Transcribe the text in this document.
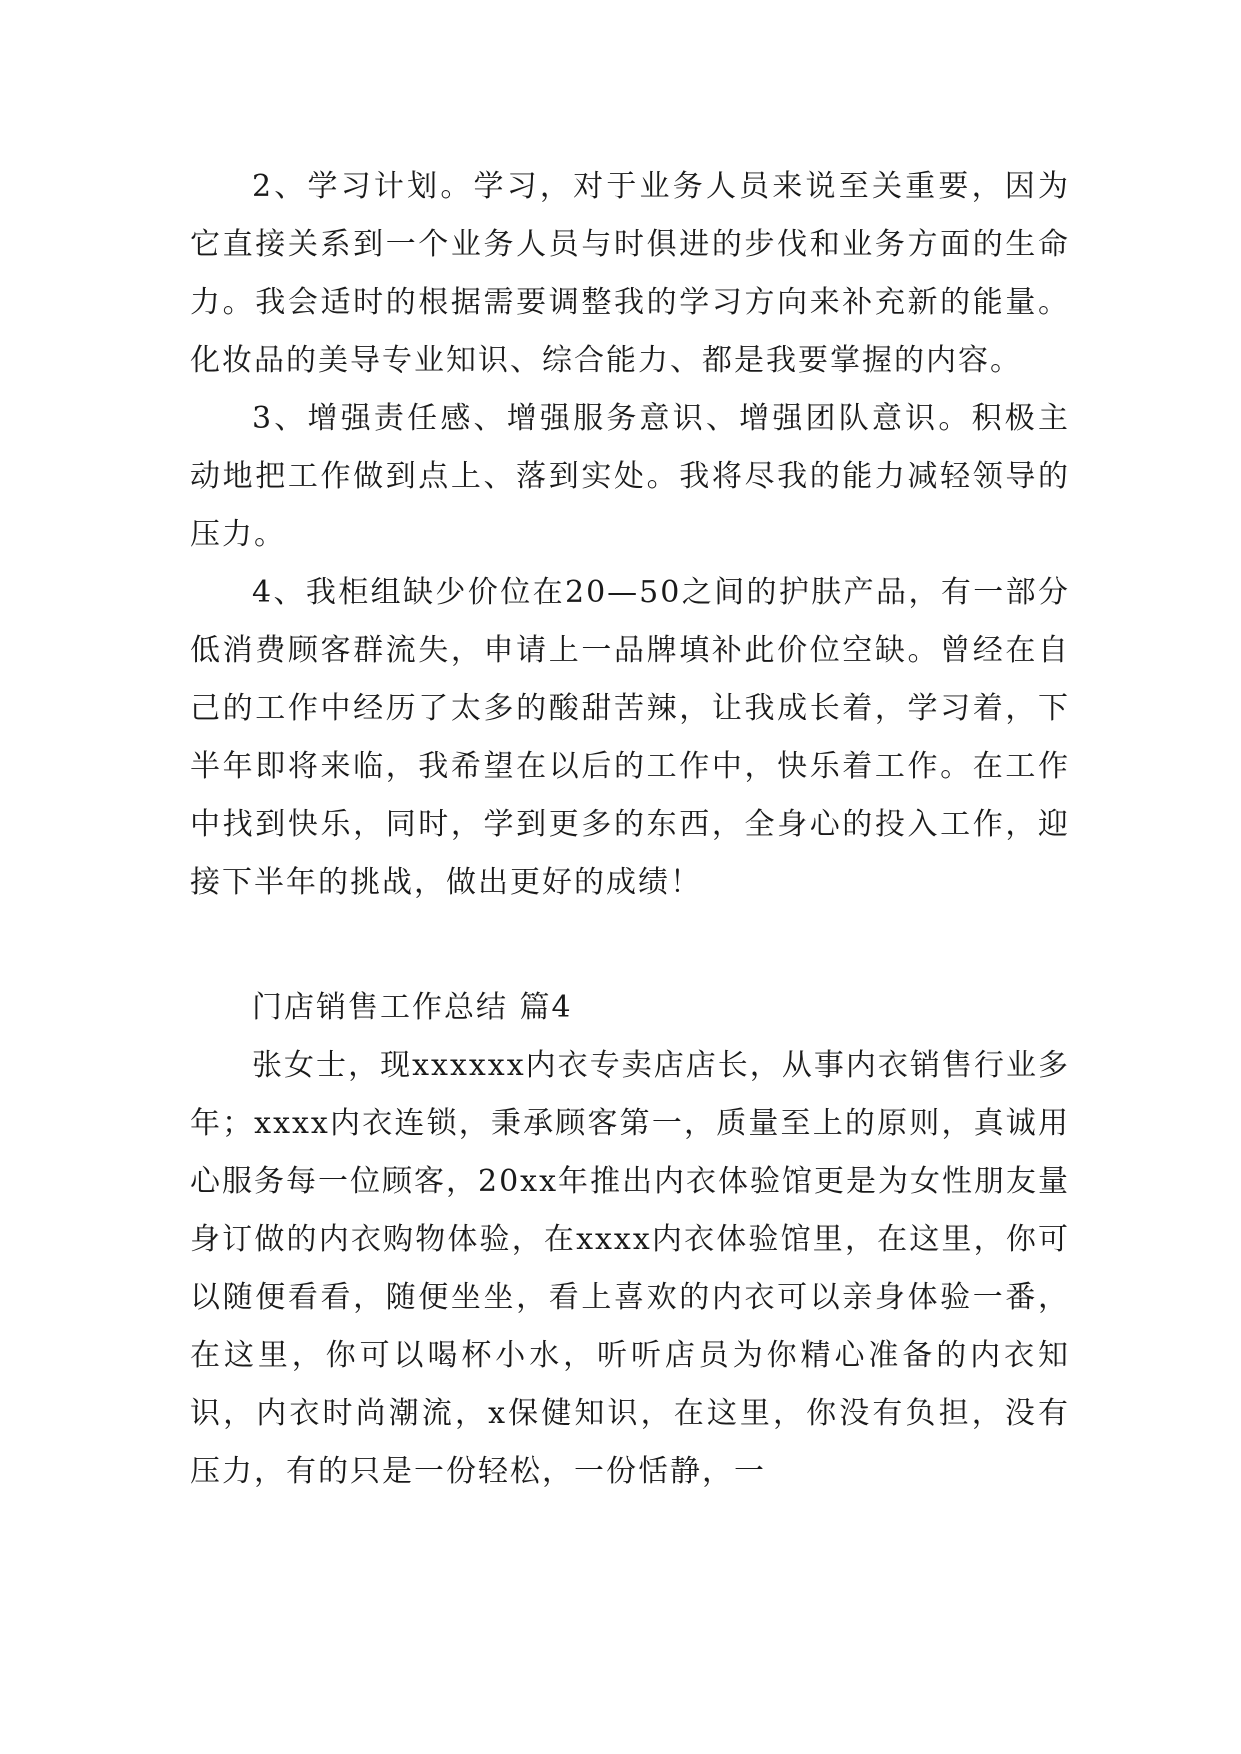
2、学习计划。学习，对于业务人员来说至关重要，因为它直接关系到一个业务人员与时俱进的步伐和业务方面的生命力。我会适时的根据需要调整我的学习方向来补充新的能量。化妆品的美导专业知识、综合能力、都是我要掌握的内容。

3、增强责任感、增强服务意识、增强团队意识。积极主动地把工作做到点上、落到实处。我将尽我的能力减轻领导的压力。

4、我柜组缺少价位在20—50之间的护肤产品，有一部分低消费顾客群流失，申请上一品牌填补此价位空缺。曾经在自己的工作中经历了太多的酸甜苦辣，让我成长着，学习着，下半年即将来临，我希望在以后的工作中，快乐着工作。在工作中找到快乐，同时，学到更多的东西，全身心的投入工作，迎接下半年的挑战，做出更好的成绩！

门店销售工作总结 篇4

张女士，现xxxxxx内衣专卖店店长，从事内衣销售行业多年；xxxx内衣连锁，秉承顾客第一，质量至上的原则，真诚用心服务每一位顾客，20xx年推出内衣体验馆更是为女性朋友量身订做的内衣购物体验，在xxxx内衣体验馆里，在这里，你可以随便看看，随便坐坐，看上喜欢的内衣可以亲身体验一番，在这里，你可以喝杯小水，听听店员为你精心准备的内衣知识，内衣时尚潮流，x保健知识，在这里，你没有负担，没有压力，有的只是一份轻松，一份恬静，一
